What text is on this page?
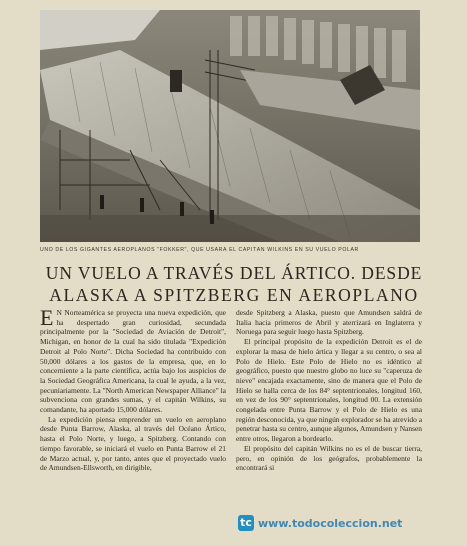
UNO DE LOS GIGANTES AEROPLANOS "FOKKER", QUE USARÁ EL CAPITÁN WILKINS EN SU VUELO POLAR
UN VUELO A TRAVÉS DEL ÁRTICO. DESDE
ALASKA A SPITZBERG EN AEROPLANO

E N Norteamérica se proyecta una nueva expedición, que ha despertado gran curiosidad, secundada principalmente por la "Sociedad de Aviación de Detroit", Michigan, en honor de la cual ha sido titulada "Expedición Detroit al Polo Norte". Dicha Sociedad ha contribuido con 50,000 dólares a los gastos de la empresa, que, en lo concerniente a la parte científica, actúa bajo los auspicios de la Sociedad Geográfica Americana, la cual le ayuda, a la vez, pecuniariamente. La "North American Newspaper Alliance" la subvenciona con grandes sumas, y el capitán Wilkins, su comandante, ha aportado 15,000 dólares.

La expedición piensa emprender un vuelo en aeroplano desde Punta Barrow, Alaska, al través del Océano Ártico, hasta el Polo Norte, y luego, a Spitzberg. Contando con tiempo favorable, se iniciará el vuelo en Punta Barrow el 21 de Marzo actual, y, por tanto, antes que el proyectado vuelo de Amundsen-Ellsworth, en dirigible,

desde Spitzberg a Alaska, puesto que Amundsen saldrá de Italia hacia primeros de Abril y aterrizará en Inglaterra y Noruega para seguir luego hasta Spitzberg.

El principal propósito de la expedición Detroit es el de explorar la masa de hielo ártica y llegar a su centro, o sea al Polo de Hielo. Este Polo de Hielo no es idéntico al geográfico, puesto que nuestro globo no luce su "caperuza de nieve" encajada exactamente, sino de manera que el Polo de Hielo se halla cerca de los 84° septentrionales, longitud 160, en vez de los 90° septentrionales, longitud 00. La extensión congelada entre Punta Barrow y el Polo de Hielo es una región desconocida, ya que ningún explorador se ha atrevido a penetrar hasta su centro, aunque algunos, Amundsen y Nansen entre otros, llegaron a bordearlo.

El propósito del capitán Wilkins no es el de buscar tierra, pero, en opinión de los geógrafos, probablemente la encontrará si

tc www.todocoleccion.net
